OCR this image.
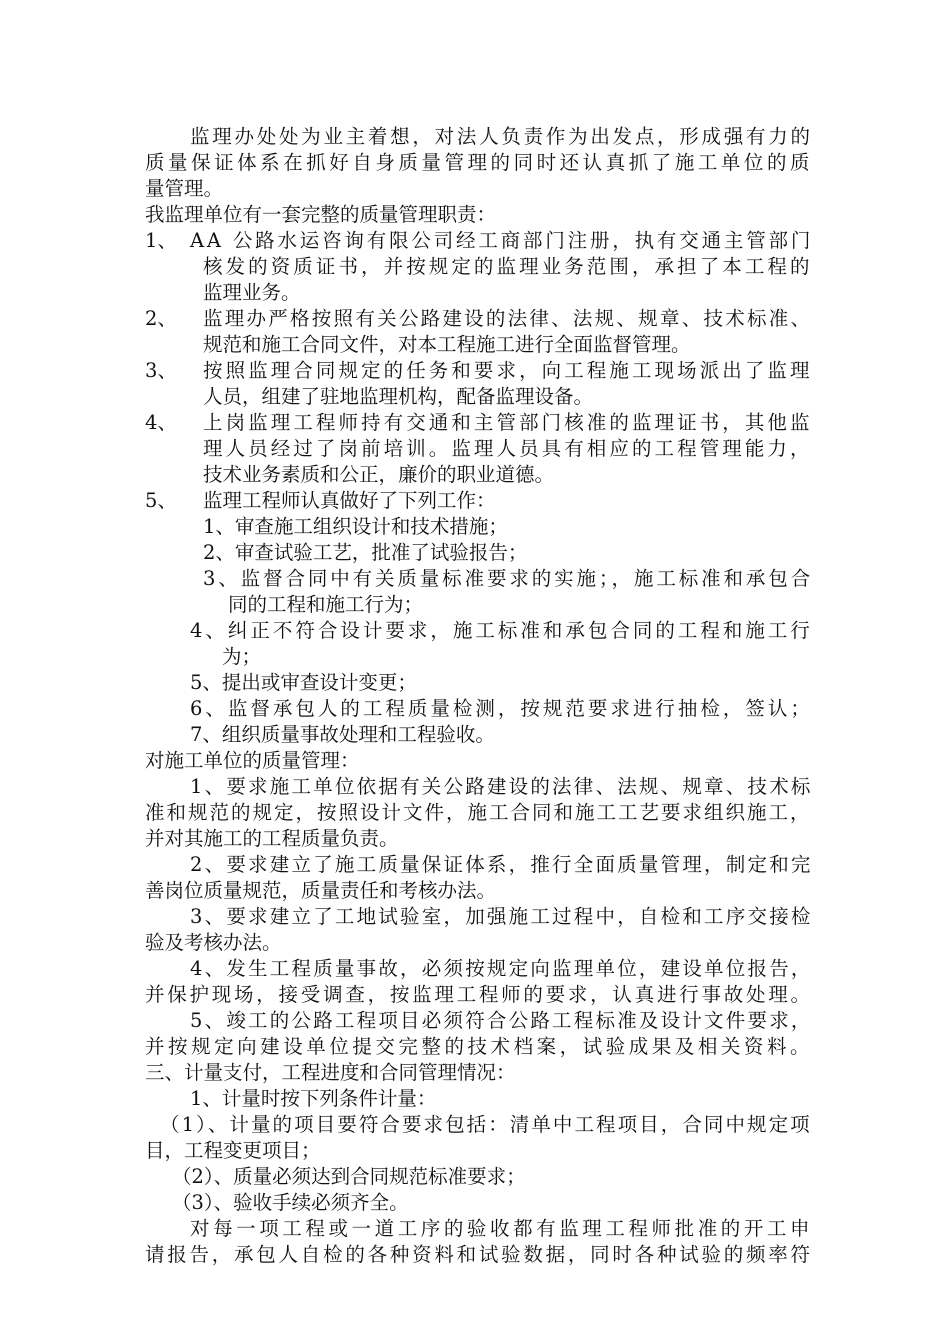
监理办处处为业主着想，对法人负责作为出发点，形成强有力的
质量保证体系在抓好自身质量管理的同时还认真抓了施工单位的质
量管理。
我监理单位有一套完整的质量管理职责：
1、 AA 公路水运咨询有限公司经工商部门注册，执有交通主管部门
核发的资质证书，并按规定的监理业务范围，承担了本工程的
监理业务。
2、 监理办严格按照有关公路建设的法律、法规、规章、技术标准、
规范和施工合同文件，对本工程施工进行全面监督管理。
3、 按照监理合同规定的任务和要求，向工程施工现场派出了监理
人员，组建了驻地监理机构，配备监理设备。
4、 上岗监理工程师持有交通和主管部门核准的监理证书，其他监
理人员经过了岗前培训。监理人员具有相应的工程管理能力，
技术业务素质和公正，廉价的职业道德。
5、 监理工程师认真做好了下列工作：
1、审查施工组织设计和技术措施；
2、审查试验工艺，批准了试验报告；
3、监督合同中有关质量标准要求的实施；，施工标准和承包合
同的工程和施工行为；
4、纠正不符合设计要求，施工标准和承包合同的工程和施工行
为；
5、提出或审查设计变更；
6、监督承包人的工程质量检测，按规范要求进行抽检，签认；
7、组织质量事故处理和工程验收。
对施工单位的质量管理：
1、要求施工单位依据有关公路建设的法律、法规、规章、技术标
准和规范的规定，按照设计文件，施工合同和施工工艺要求组织施工，
并对其施工的工程质量负责。
2、要求建立了施工质量保证体系，推行全面质量管理，制定和完
善岗位质量规范，质量责任和考核办法。
3、要求建立了工地试验室，加强施工过程中，自检和工序交接检
验及考核办法。
4、发生工程质量事故，必须按规定向监理单位，建设单位报告，
并保护现场，接受调查，按监理工程师的要求，认真进行事故处理。
5、竣工的公路工程项目必须符合公路工程标准及设计文件要求，
并按规定向建设单位提交完整的技术档案，试验成果及相关资料。
三、计量支付，工程进度和合同管理情况：
1、计量时按下列条件计量：
（1）、计量的项目要符合要求包括：清单中工程项目，合同中规定项
目，工程变更项目；
（2）、质量必须达到合同规范标准要求；
（3）、验收手续必须齐全。
对每一项工程或一道工序的验收都有监理工程师批准的开工申
请报告，承包人自检的各种资料和试验数据，同时各种试验的频率符
